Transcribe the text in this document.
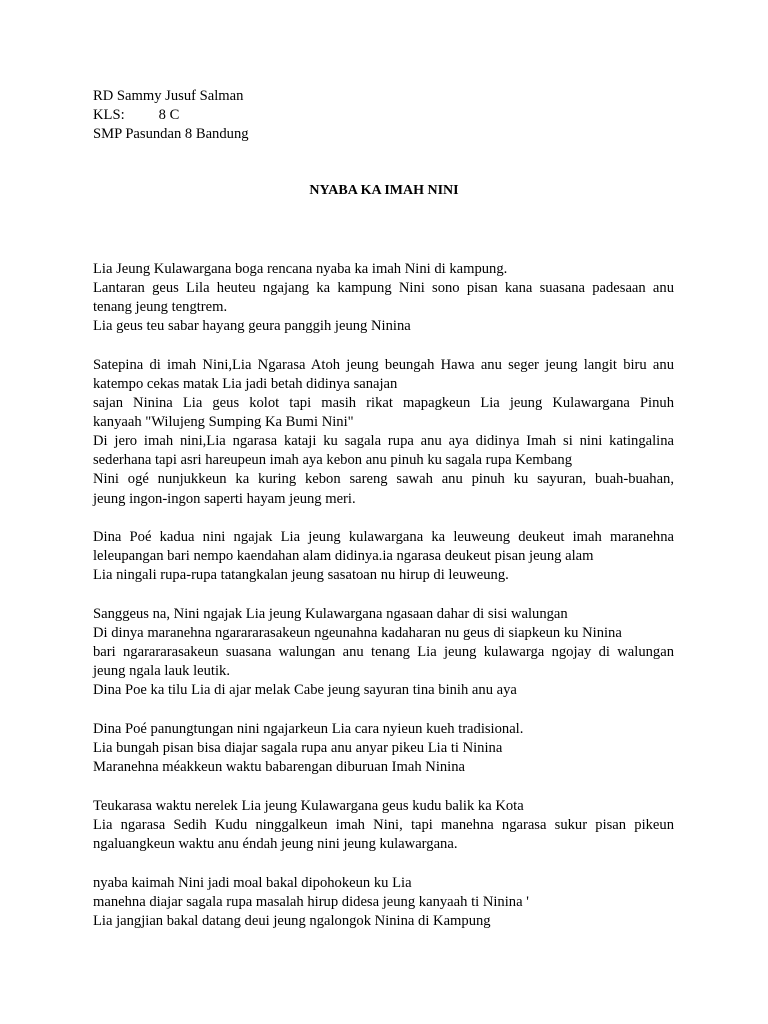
RD Sammy Jusuf Salman
KLS: 8 C
SMP Pasundan 8 Bandung
NYABA KA IMAH NINI
Lia Jeung Kulawargana boga rencana nyaba ka imah Nini di kampung.
Lantaran geus Lila heuteu ngajang ka kampung Nini sono pisan kana suasana padesaan anu
tenang jeung tengtrem.
Lia geus teu sabar hayang geura panggih jeung Ninina
Satepina di imah Nini,Lia Ngarasa Atoh jeung beungah Hawa anu seger jeung langit biru anu
katempo cekas matak Lia jadi betah didinya sanajan
sajan Ninina Lia geus kolot tapi masih rikat mapagkeun Lia jeung Kulawargana Pinuh
kanyaah "Wilujeng Sumping Ka Bumi Nini"
Di jero imah nini,Lia ngarasa kataji ku sagala rupa anu aya didinya Imah si nini katingalina
sederhana tapi asri hareupeun imah aya kebon anu pinuh ku sagala rupa Kembang
Nini ogé nunjukkeun ka kuring kebon sareng sawah anu pinuh ku sayuran, buah-buahan,
jeung ingon-ingon saperti hayam jeung meri.
Dina Poé kadua nini ngajak Lia jeung kulawargana ka leuweung deukeut imah maranehna
leleupangan bari nempo kaendahan alam didinya.ia ngarasa deukeut pisan jeung alam
Lia ningali rupa-rupa tatangkalan jeung sasatoan nu hirup di leuweung.
Sanggeus na, Nini ngajak Lia jeung Kulawargana ngasaan dahar di sisi walungan
Di dinya maranehna ngarararasakeun ngeunahna kadaharan nu geus di siapkeun ku Ninina
bari ngarararasakeun suasana walungan anu tenang Lia jeung kulawarga ngojay di walungan
jeung ngala lauk leutik.
Dina Poe ka tilu Lia di ajar melak Cabe jeung sayuran tina binih anu aya
Dina Poé panungtungan nini ngajarkeun Lia cara nyieun kueh tradisional.
Lia bungah pisan bisa diajar sagala rupa anu anyar pikeu Lia ti Ninina
Maranehna méakkeun waktu babarengan diburuan Imah Ninina
Teukarasa waktu nerelek Lia jeung Kulawargana geus kudu balik ka Kota
Lia ngarasa Sedih Kudu ninggalkeun imah Nini, tapi manehna ngarasa sukur pisan pikeun
ngaluangkeun waktu anu éndah jeung nini jeung kulawargana.
nyaba kaimah Nini jadi moal bakal dipohokeun ku Lia
manehna diajar sagala rupa masalah hirup didesa jeung kanyaah ti Ninina '
Lia jangjian bakal datang deui jeung ngalongok Ninina di Kampung
